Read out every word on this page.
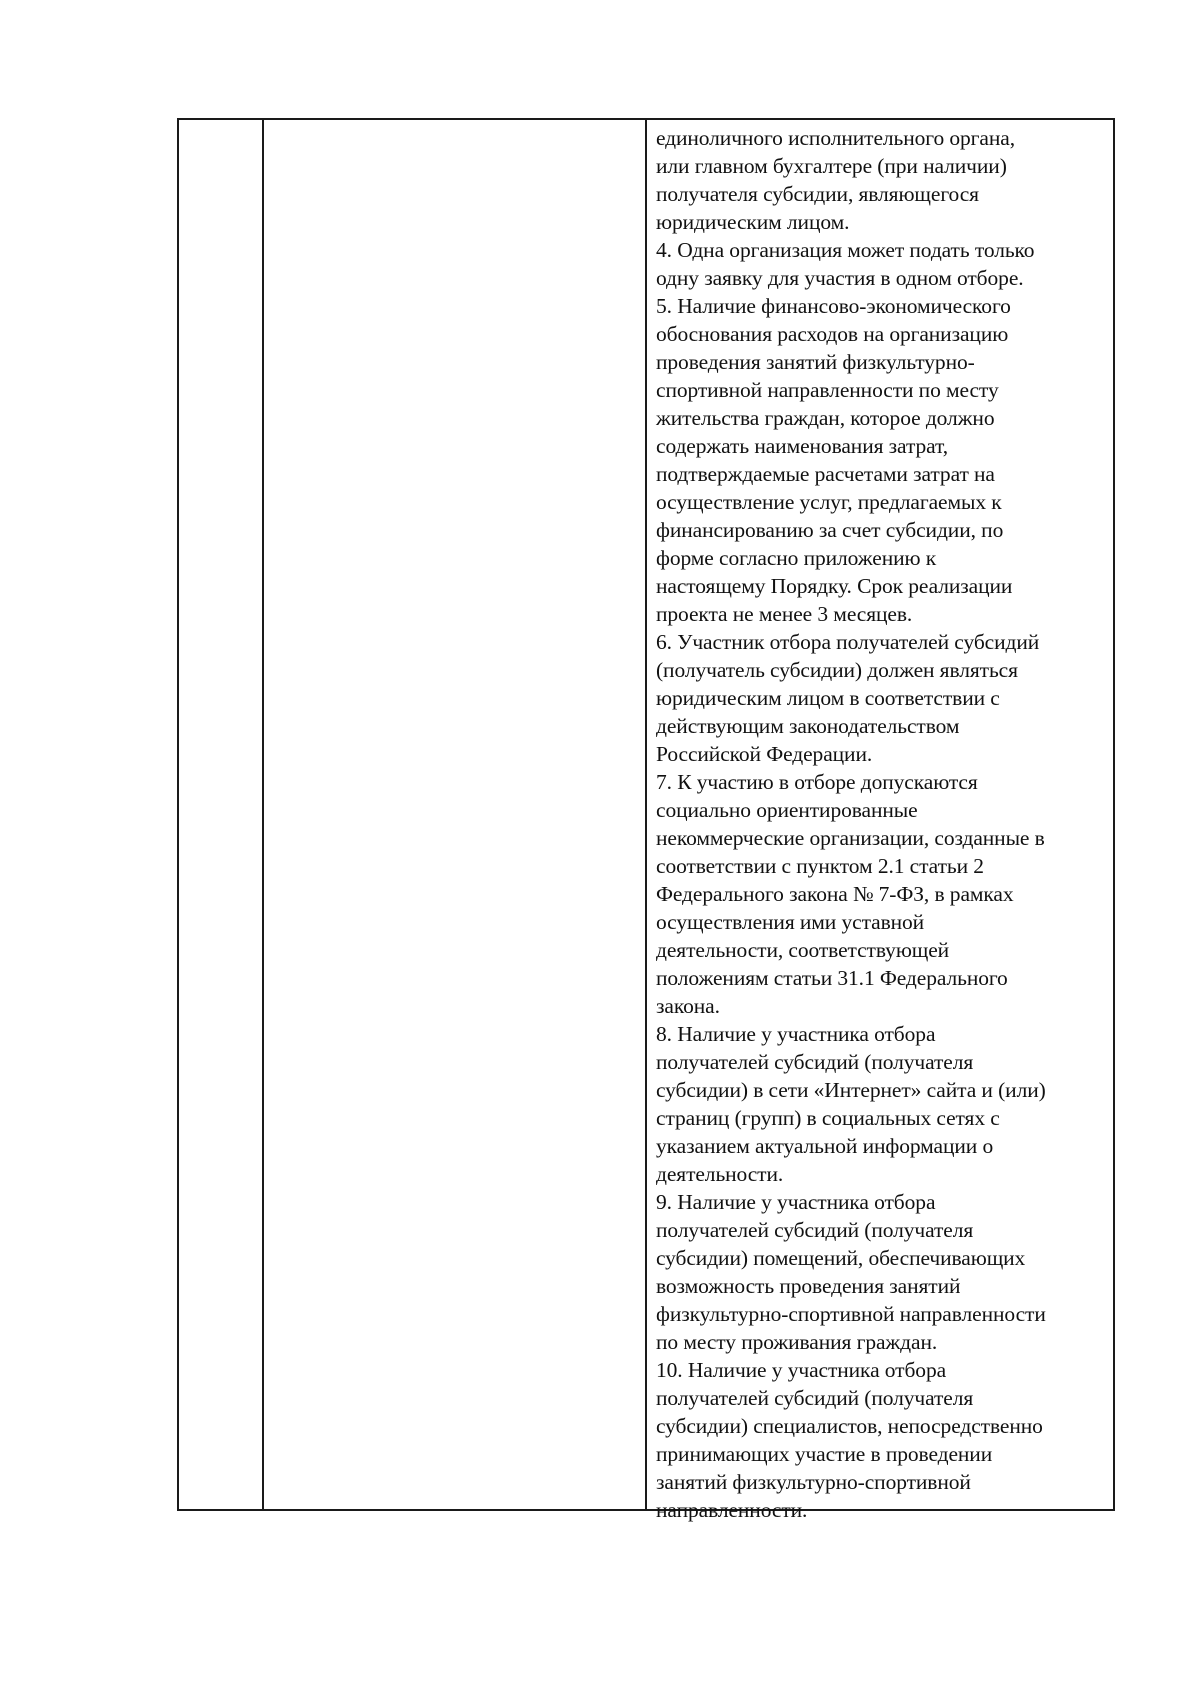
единоличного исполнительного органа,
или главном бухгалтере (при наличии)
получателя субсидии, являющегося
юридическим лицом.
4. Одна организация может подать только
одну заявку для участия в одном отборе.
5. Наличие финансово-экономического
обоснования расходов на организацию
проведения занятий физкультурно-
спортивной направленности по месту
жительства граждан, которое должно
содержать наименования затрат,
подтверждаемые расчетами затрат на
осуществление услуг, предлагаемых к
финансированию за счет субсидии, по
форме согласно приложению к
настоящему Порядку. Срок реализации
проекта не менее 3 месяцев.
6. Участник отбора получателей субсидий
(получатель субсидии) должен являться
юридическим лицом в соответствии с
действующим законодательством
Российской Федерации.
7. К участию в отборе допускаются
социально ориентированные
некоммерческие организации, созданные в
соответствии с пунктом 2.1 статьи 2
Федерального закона № 7-ФЗ, в рамках
осуществления ими уставной
деятельности, соответствующей
положениям статьи 31.1 Федерального
закона.
8. Наличие у участника отбора
получателей субсидий (получателя
субсидии) в сети «Интернет» сайта и (или)
страниц (групп) в социальных сетях с
указанием актуальной информации о
деятельности.
9. Наличие у участника отбора
получателей субсидий (получателя
субсидии) помещений, обеспечивающих
возможность проведения занятий
физкультурно-спортивной направленности
по месту проживания граждан.
10. Наличие у участника отбора
получателей субсидий (получателя
субсидии) специалистов, непосредственно
принимающих участие в проведении
занятий физкультурно-спортивной
направленности.
